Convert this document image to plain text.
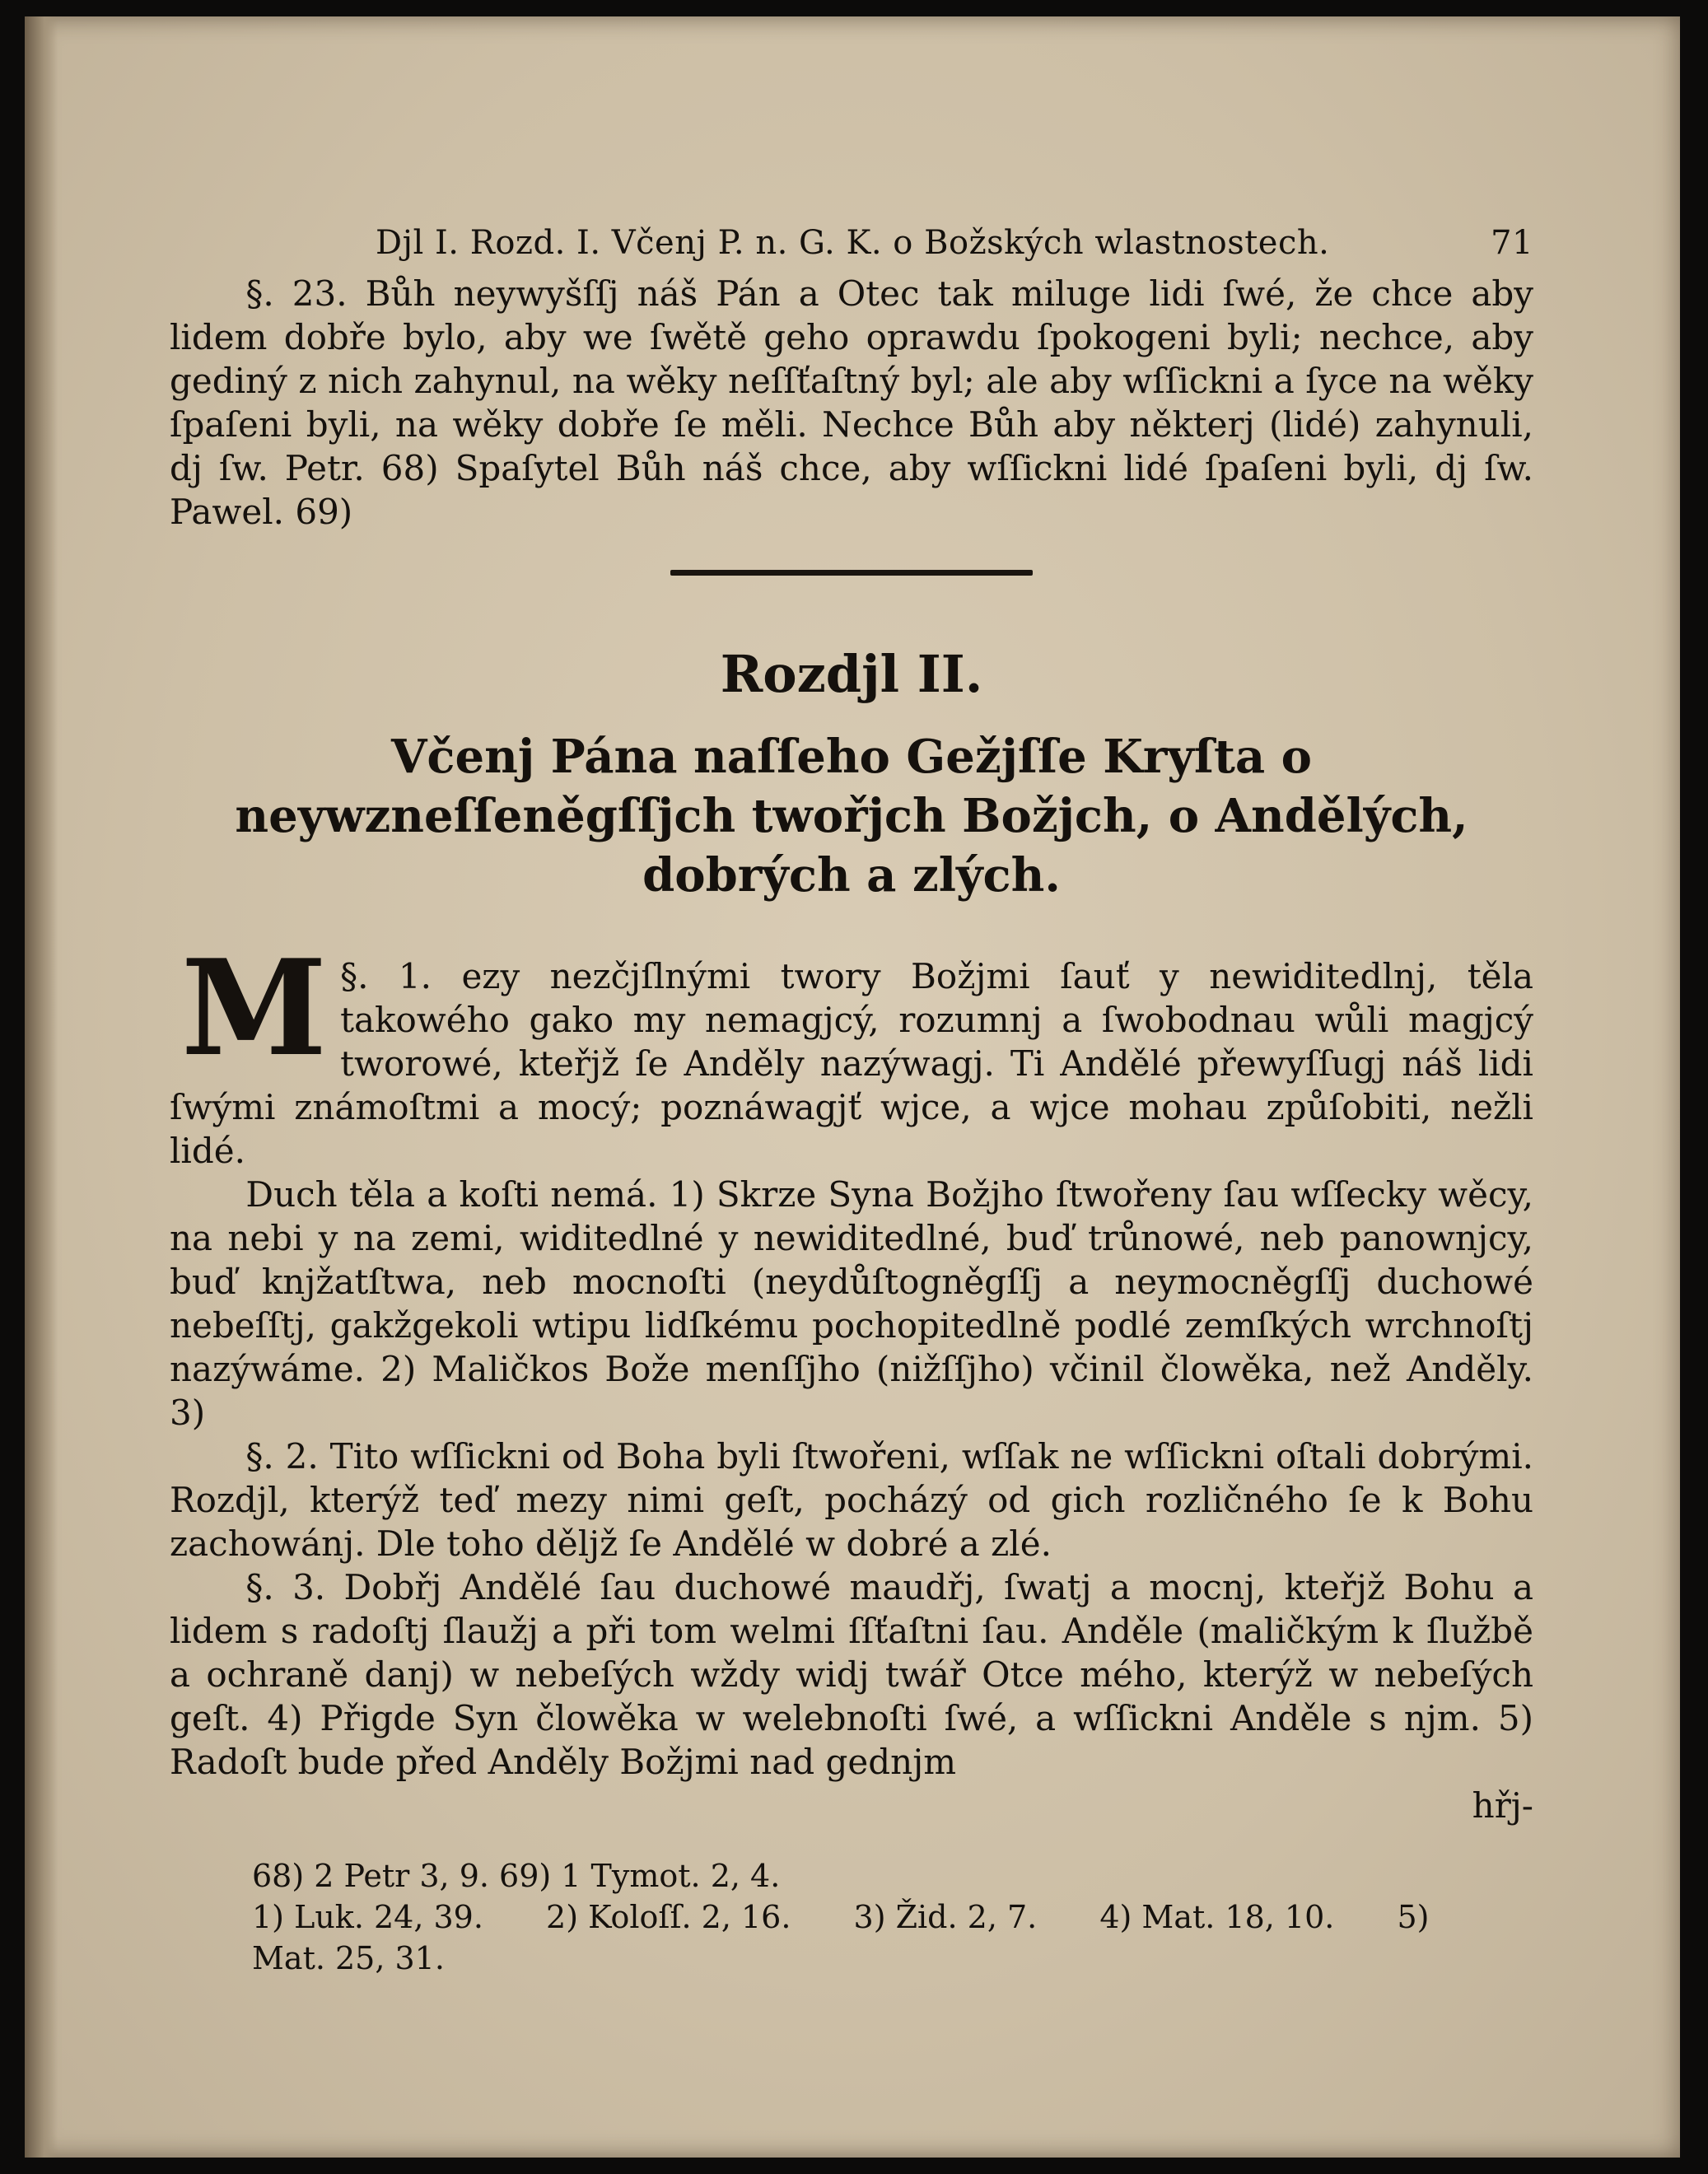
Djl I. Rozd. I. Včenj P. n. G. K. o Božských wlastnostech.	71

§. 23. Bůh neywyšſſj náš Pán a Otec tak miluge lidi ſwé, že chce aby lidem dobře bylo, aby we ſwětě geho oprawdu ſpokogeni byli; nechce, aby gediný z nich zahynul, na wěky neſſťaſtný byl; ale aby wſſickni a ſyce na wěky ſpaſeni byli, na wěky dobře ſe měli. Nechce Bůh aby některj (lidé) zahynuli, dj ſw. Petr. 68) Spaſytel Bůh náš chce, aby wſſickni lidé ſpaſeni byli, dj ſw. Pawel. 69)

Rozdjl II.

Včenj Pána naſſeho Gežjſſe Kryſta o neywzneſſeněgſſjch twořjch Božjch, o Andělých, dobrých a zlých.

M §. 1. ezy nezčjſlnými twory Božjmi ſauť y newiditedlnj, těla takowého gako my nemagjcý, rozumnj a ſwobodnau wůli magjcý tworowé, kteřjž ſe Anděly nazýwagj. Ti Andělé přewyſſugj náš lidi ſwými známoſtmi a mocý; poznáwagjť wjce, a wjce mohau způſobiti, nežli lidé.

Duch těla a koſti nemá. 1) Skrze Syna Božjho ſtwořeny ſau wſſecky wěcy, na nebi y na zemi, widitedlné y newiditedlné, buď trůnowé, neb panownjcy, buď knjžatſtwa, neb mocnoſti (neydůſtogněgſſj a neymocněgſſj duchowé nebeſſtj, gakžgekoli wtipu lidſkému pochopitedlně podlé zemſkých wrchnoſtj nazýwáme. 2) Maličkos Bože menſſjho (nižſſjho) včinil člowěka, než Anděly. 3)

§. 2. Tito wſſickni od Boha byli ſtwořeni, wſſak ne wſſickni oſtali dobrými. Rozdjl, kterýž teď mezy nimi geſt, pocházý od gich rozličného ſe k Bohu zachowánj. Dle toho děljž ſe Andělé w dobré a zlé.

§. 3. Dobřj Andělé ſau duchowé maudřj, ſwatj a mocnj, kteřjž Bohu a lidem s radoſtj ſlaužj a při tom welmi ſſťaſtni ſau. Anděle (maličkým k ſlužbě a ochraně danj) w nebeſých wždy widj twář Otce mého, kterýž w nebeſých geſt. 4) Přigde Syn člowěka w welebnoſti ſwé, a wſſickni Anděle s njm. 5) Radoſt bude před Anděly Božjmi nad gednjm

hřj-

68) 2 Petr 3, 9. 69) 1 Tymot. 2, 4.
1) Luk. 24, 39. 2) Koloſſ. 2, 16. 3) Žid. 2, 7. 4) Mat. 18, 10. 5)
Mat. 25, 31.
